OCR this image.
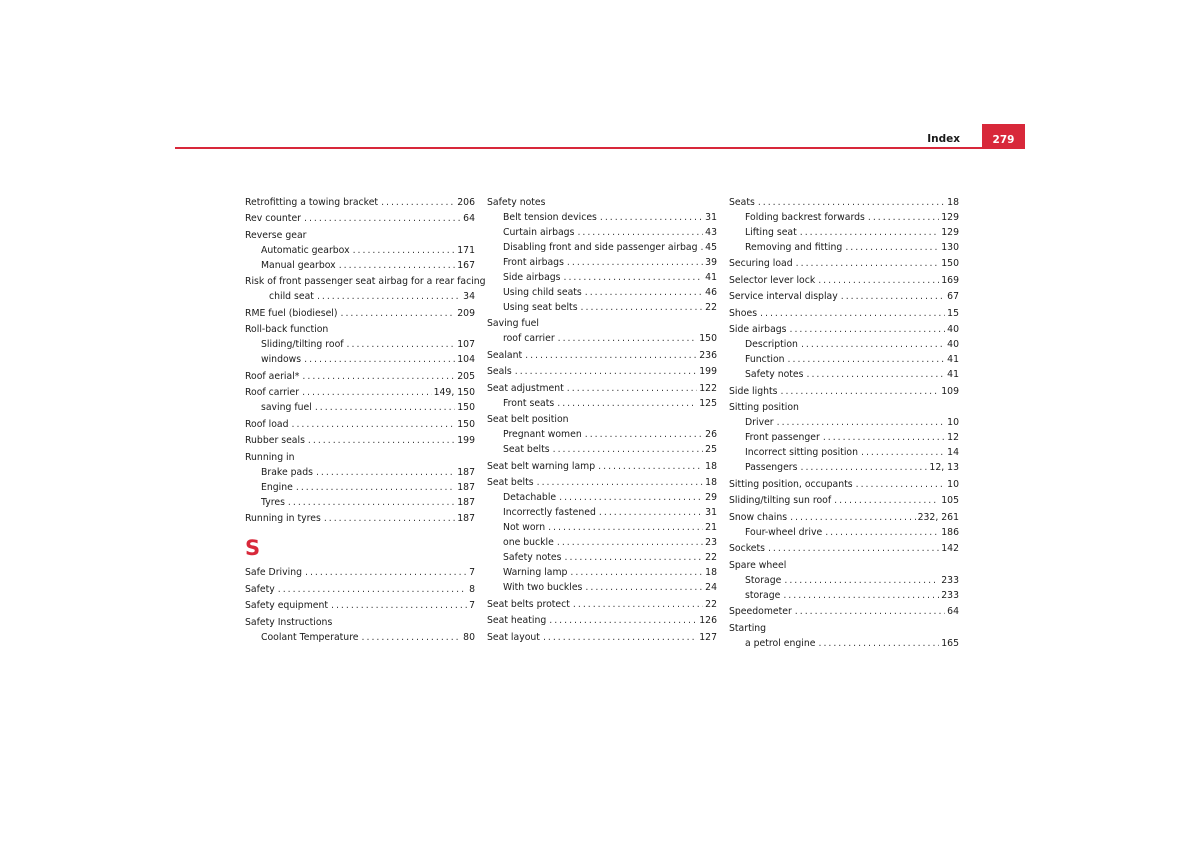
Index	279
Retrofitting a towing bracket .....	206
Rev counter .....	64
Reverse gear
Automatic gearbox .....	171
Manual gearbox .....	167
Risk of front passenger seat airbag for a rear facing
child seat .....	34
RME fuel (biodiesel) .....	209
Roll-back function
Sliding/tilting roof .....	107
windows .....	104
Roof aerial* .....	205
Roof carrier .....	149, 150
saving fuel .....	150
Roof load .....	150
Rubber seals .....	199
Running in
Brake pads .....	187
Engine .....	187
Tyres .....	187
Running in tyres .....	187
S
Safe Driving .....	7
Safety .....	8
Safety equipment .....	7
Safety Instructions
Coolant Temperature .....	80
Safety notes
Belt tension devices .....	31
Curtain airbags .....	43
Disabling front and side passenger airbag ..... 45
Front airbags .....	39
Side airbags .....	41
Using child seats .....	46
Using seat belts .....	22
Saving fuel
roof carrier .....	150
Sealant .....	236
Seals .....	199
Seat adjustment .....	122
Front seats .....	125
Seat belt position
Pregnant women .....	26
Seat belts .....	25
Seat belt warning lamp .....	18
Seat belts .....	18
Detachable .....	29
Incorrectly fastened .....	31
Not worn .....	21
one buckle .....	23
Safety notes .....	22
Warning lamp .....	18
With two buckles .....	24
Seat belts protect .....	22
Seat heating .....	126
Seat layout .....	127
Seats .....	18
Folding backrest forwards .....	129
Lifting seat .....	129
Removing and fitting .....	130
Securing load .....	150
Selector lever lock .....	169
Service interval display .....	67
Shoes .....	15
Side airbags .....	40
Description .....	40
Function .....	41
Safety notes .....	41
Side lights .....	109
Sitting position
Driver .....	10
Front passenger .....	12
Incorrect sitting position .....	14
Passengers .....	12, 13
Sitting position, occupants .....	10
Sliding/tilting sun roof .....	105
Snow chains .....	232, 261
Four-wheel drive .....	186
Sockets .....	142
Spare wheel
Storage .....	233
storage .....	233
Speedometer .....	64
Starting
a petrol engine .....	165
